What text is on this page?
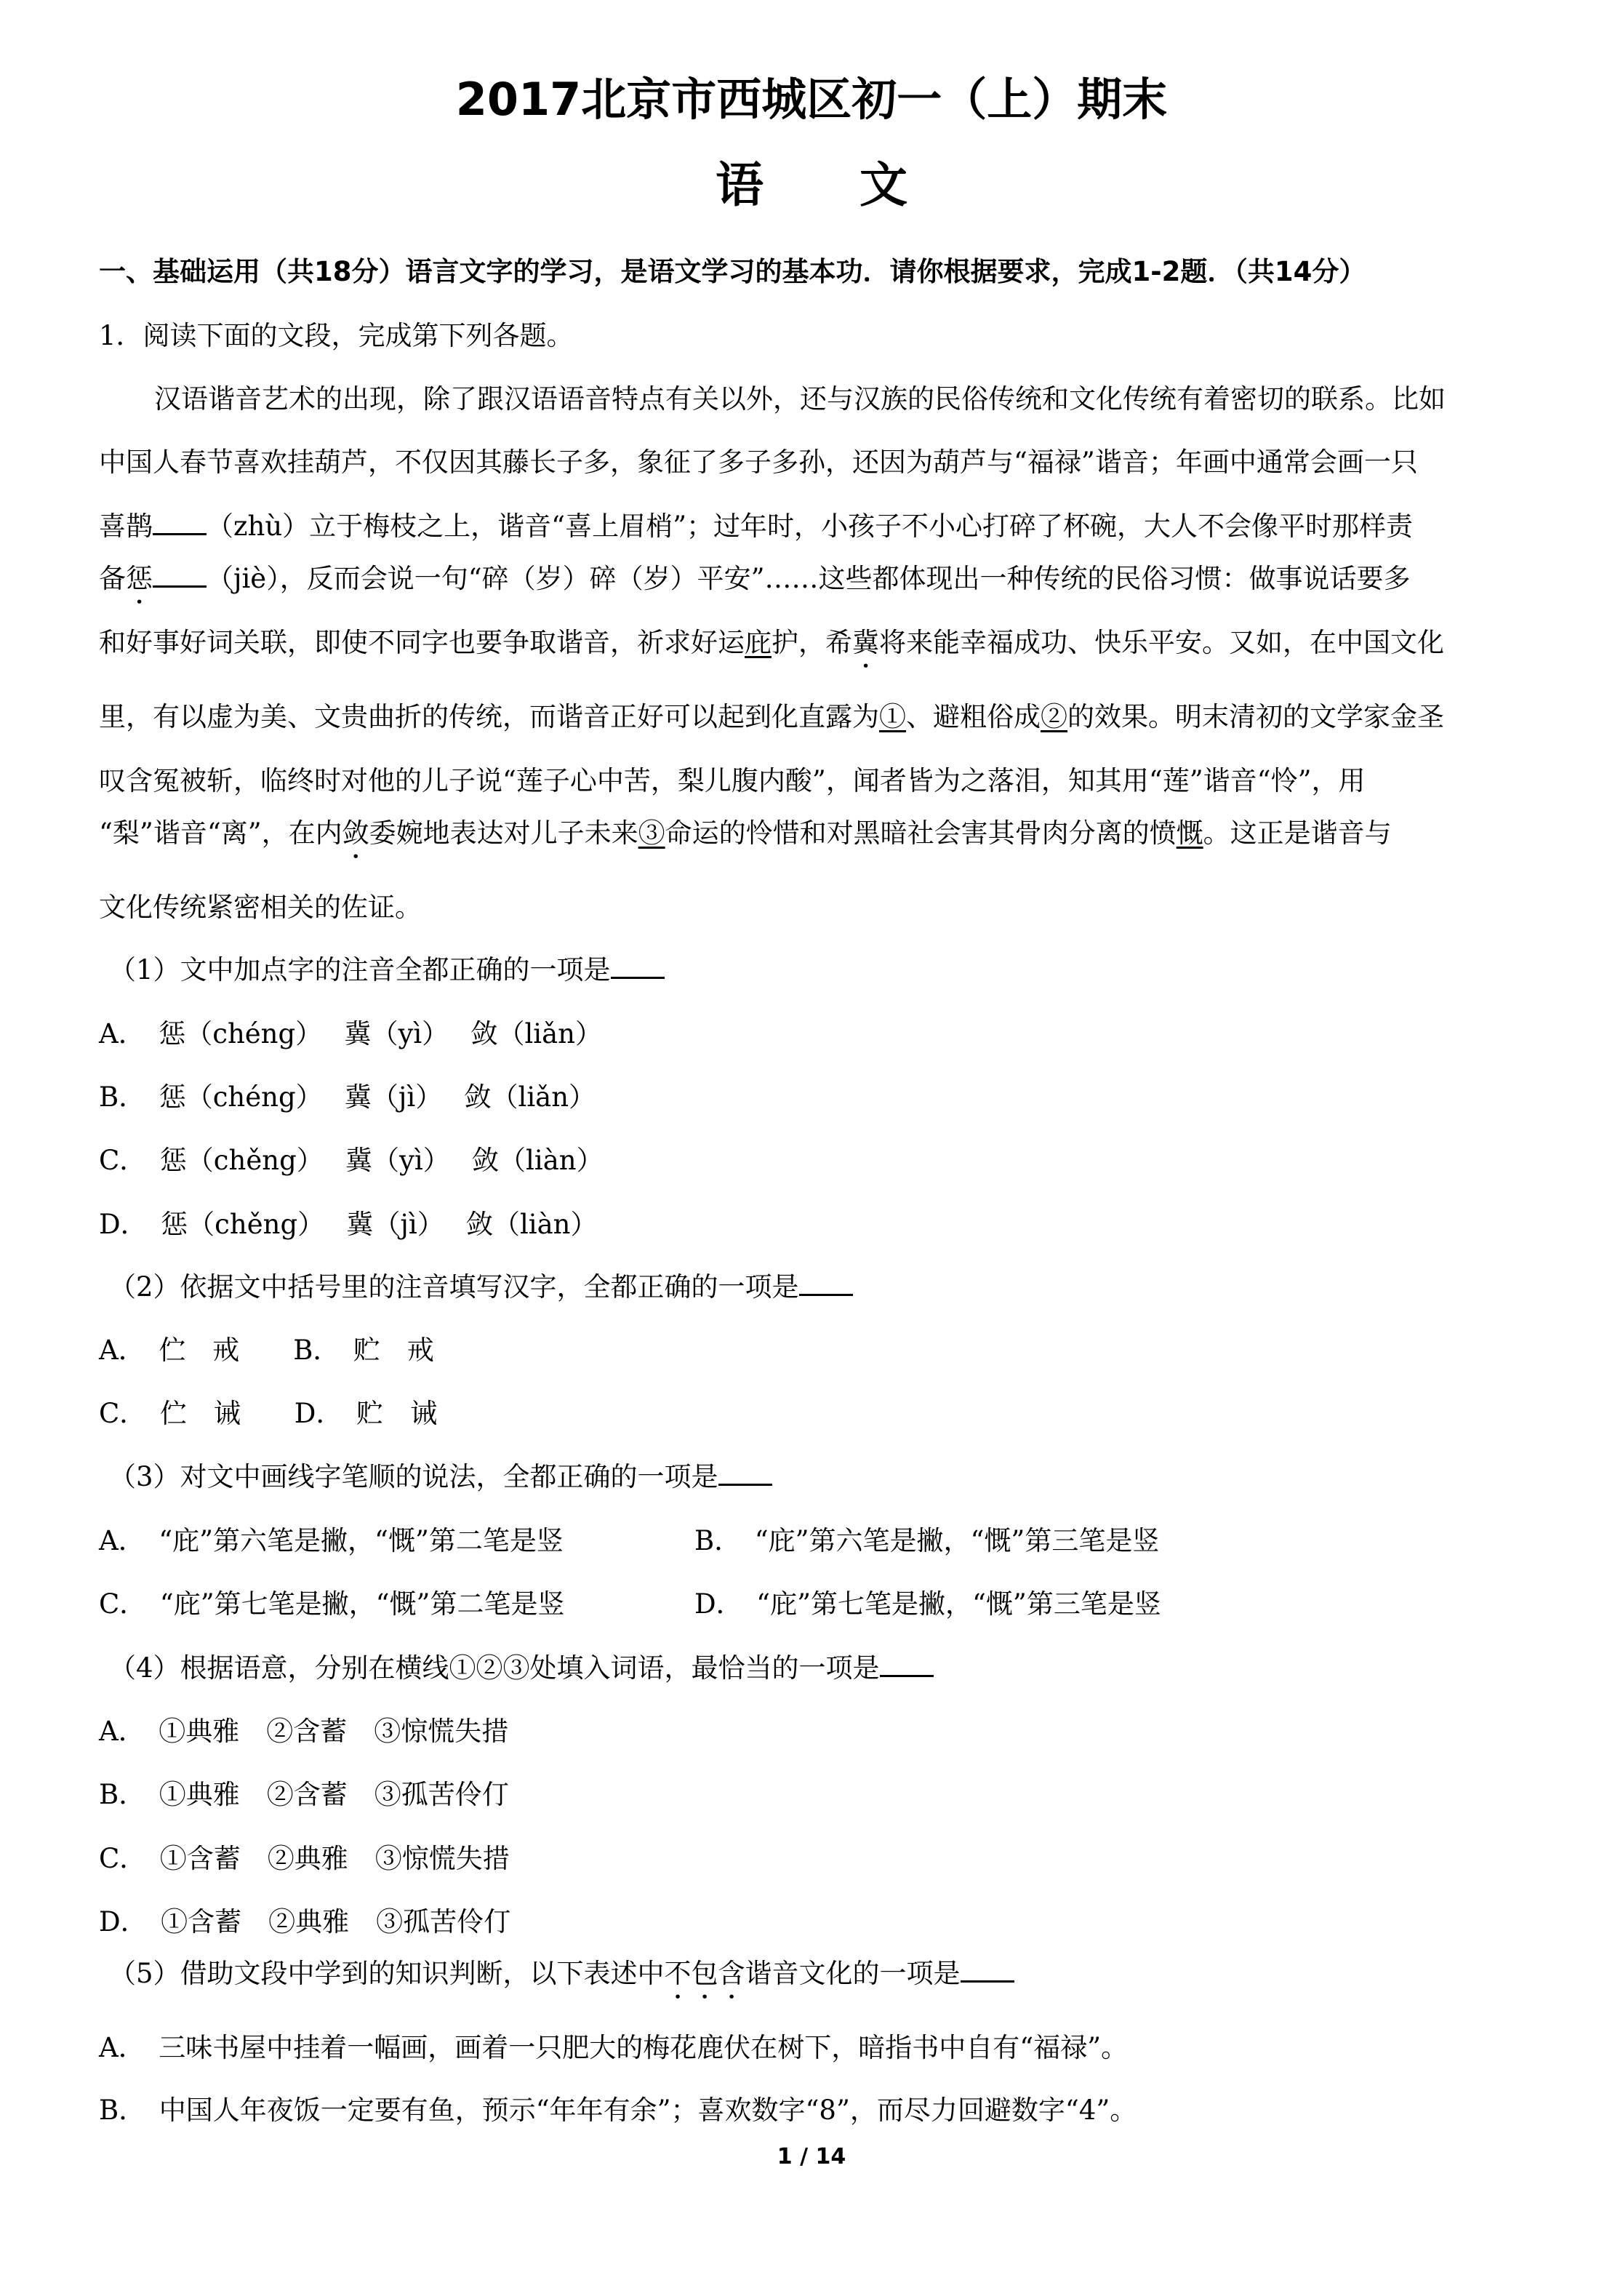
2017北京市西城区初一（上）期末
语　　文
一、基础运用（共18分）语言文字的学习，是语文学习的基本功．请你根据要求，完成1-2题．（共14分）
1．阅读下面的文段，完成第下列各题。
汉语谐音艺术的出现，除了跟汉语语音特点有关以外，还与汉族的民俗传统和文化传统有着密切的联系。比如
中国人春节喜欢挂葫芦，不仅因其藤长子多，象征了多子多孙，还因为葫芦与“福禄”谐音；年画中通常会画一只
喜鹊 （zhù）立于梅枝之上，谐音“喜上眉梢”；过年时，小孩子不小心打碎了杯碗，大人不会像平时那样责
备惩 （jiè），反而会说一句“碎（岁）碎（岁）平安”……这些都体现出一种传统的民俗习惯：做事说话要多
和好事好词关联，即使不同字也要争取谐音，祈求好运庇护，希冀将来能幸福成功、快乐平安。又如，在中国文化
里，有以虚为美、文贵曲折的传统，而谐音正好可以起到化直露为①、避粗俗成②的效果。明末清初的文学家金圣
叹含冤被斩，临终时对他的儿子说“莲子心中苦，梨儿腹内酸”，闻者皆为之落泪，知其用“莲”谐音“怜”，用
“梨”谐音“离”，在内敛委婉地表达对儿子未来③命运的怜惜和对黑暗社会害其骨肉分离的愤慨。这正是谐音与
文化传统紧密相关的佐证。
（1）文中加点字的注音全都正确的一项是
A．　惩（chéng）　 冀（yì）　 敛（liǎn）
B．　惩（chéng）　 冀（jì）　 敛（liǎn）
C．　惩（chěng）　 冀（yì）　 敛（liàn）
D．　惩（chěng）　 冀（jì）　 敛（liàn）
（2）依据文中括号里的注音填写汉字，全都正确的一项是
A．　伫　戒　　B．　贮　戒
C．　伫　诫　　D．　贮　诫
（3）对文中画线字笔顺的说法，全都正确的一项是
A．　“庇”第六笔是撇，“慨”第二笔是竖	B．　“庇”第六笔是撇，“慨”第三笔是竖
C．　“庇”第七笔是撇，“慨”第二笔是竖	D．　“庇”第七笔是撇，“慨”第三笔是竖
（4）根据语意，分别在横线①②③处填入词语，最恰当的一项是
A．　①典雅　②含蓄　③惊慌失措
B．　①典雅　②含蓄　③孤苦伶仃
C．　①含蓄　②典雅　③惊慌失措
D．　①含蓄　②典雅　③孤苦伶仃
（5）借助文段中学到的知识判断，以下表述中不包含谐音文化的一项是
A．　三味书屋中挂着一幅画，画着一只肥大的梅花鹿伏在树下，暗指书中自有“福禄”。
B．　中国人年夜饭一定要有鱼，预示“年年有余”；喜欢数字“8”，而尽力回避数字“4”。
1 / 14
